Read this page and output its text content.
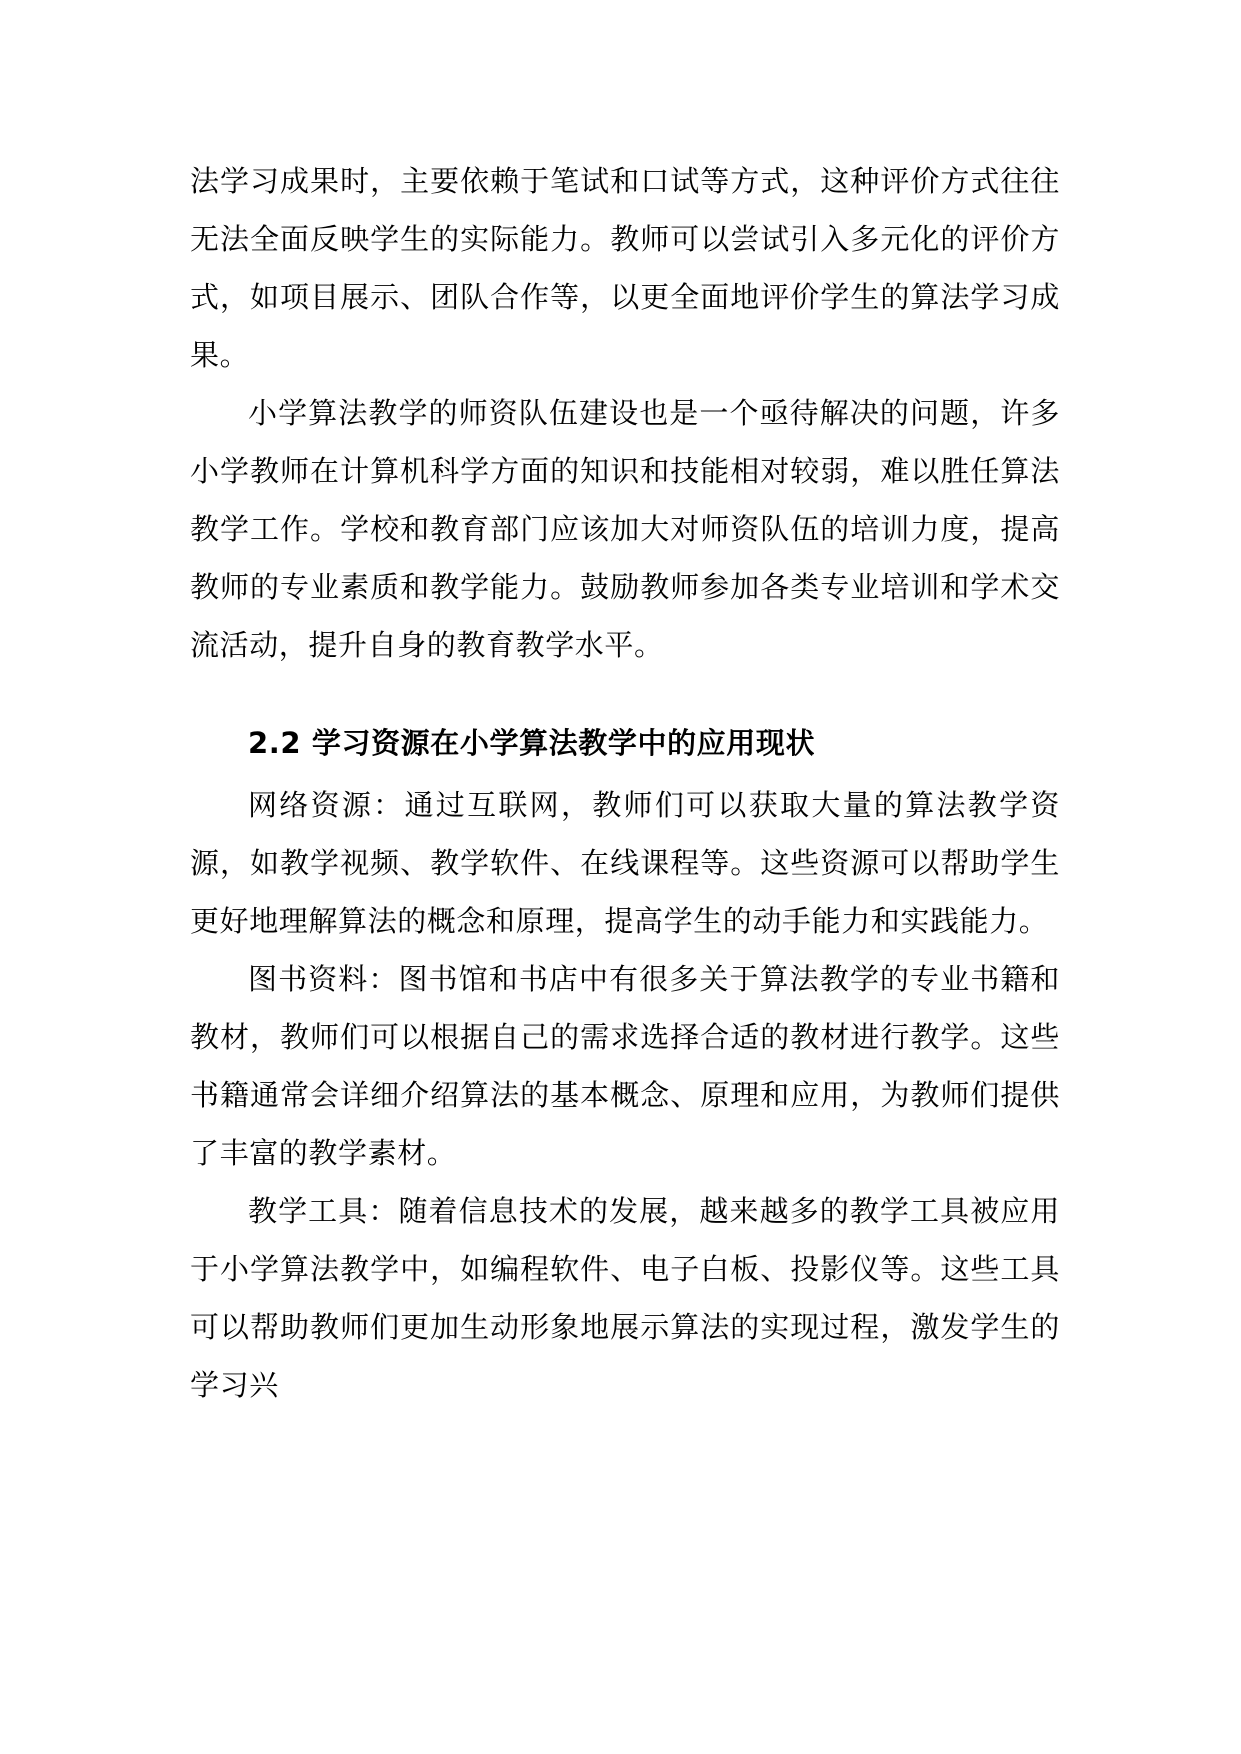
法学习成果时，主要依赖于笔试和口试等方式，这种评价方式往往无法全面反映学生的实际能力。教师可以尝试引入多元化的评价方式，如项目展示、团队合作等，以更全面地评价学生的算法学习成果。

小学算法教学的师资队伍建设也是一个亟待解决的问题，许多小学教师在计算机科学方面的知识和技能相对较弱，难以胜任算法教学工作。学校和教育部门应该加大对师资队伍的培训力度，提高教师的专业素质和教学能力。鼓励教师参加各类专业培训和学术交流活动，提升自身的教育教学水平。

2.2 学习资源在小学算法教学中的应用现状

网络资源：通过互联网，教师们可以获取大量的算法教学资源，如教学视频、教学软件、在线课程等。这些资源可以帮助学生更好地理解算法的概念和原理，提高学生的动手能力和实践能力。

图书资料：图书馆和书店中有很多关于算法教学的专业书籍和教材，教师们可以根据自己的需求选择合适的教材进行教学。这些书籍通常会详细介绍算法的基本概念、原理和应用，为教师们提供了丰富的教学素材。

教学工具：随着信息技术的发展，越来越多的教学工具被应用于小学算法教学中，如编程软件、电子白板、投影仪等。这些工具可以帮助教师们更加生动形象地展示算法的实现过程，激发学生的学习兴
